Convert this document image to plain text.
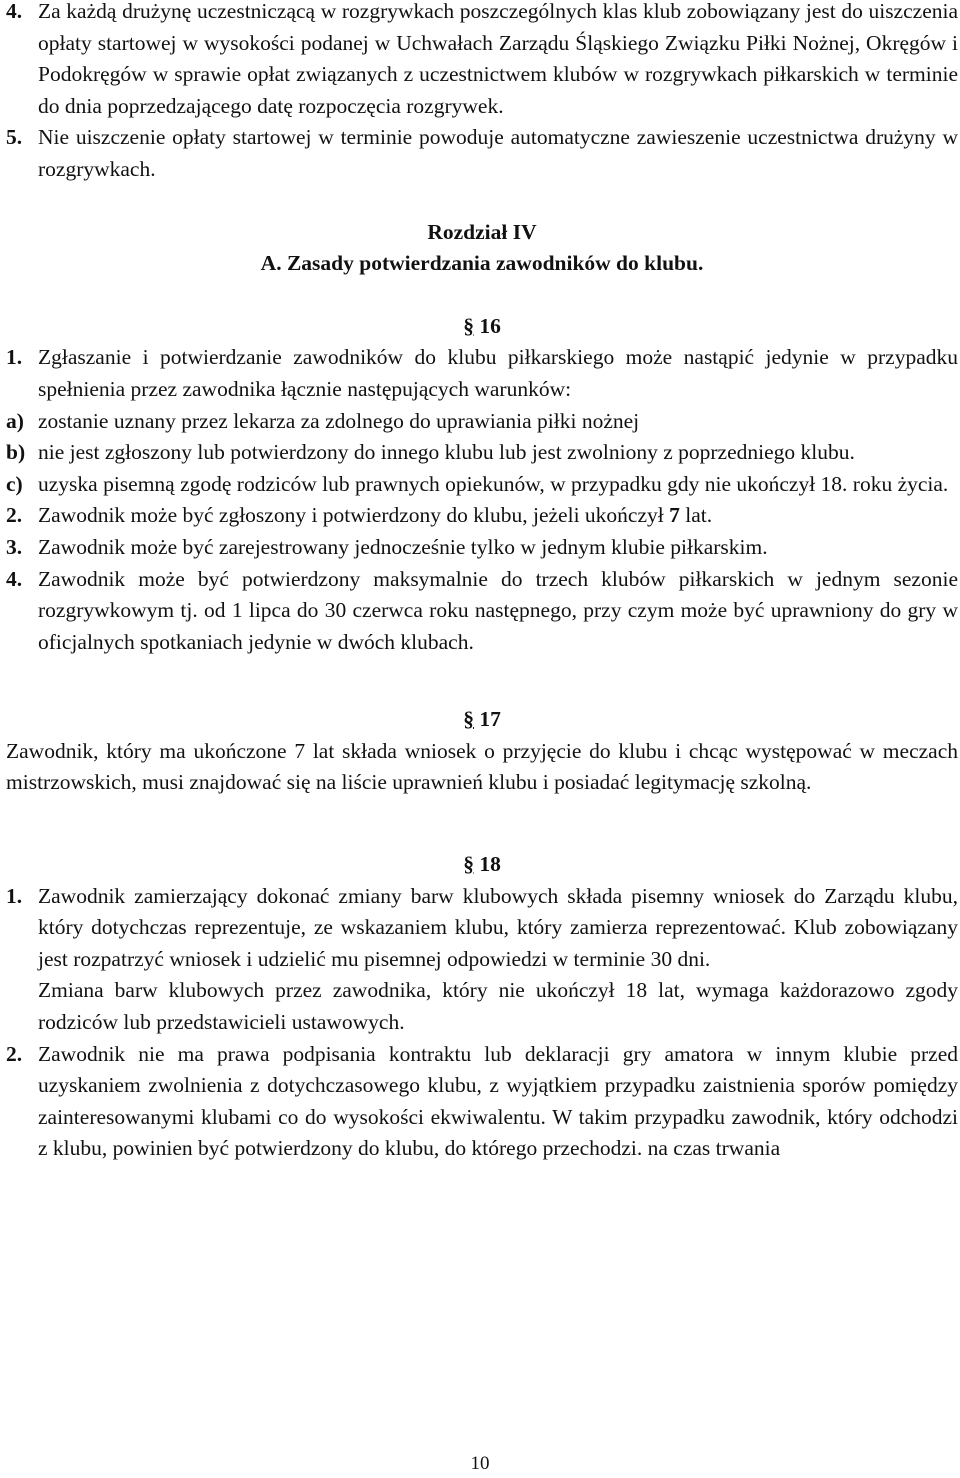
4. Za każdą drużynę uczestniczącą w rozgrywkach poszczególnych klas klub zobowiązany jest do uiszczenia opłaty startowej w wysokości podanej w Uchwałach Zarządu Śląskiego Związku Piłki Nożnej, Okręgów i Podokręgów w sprawie opłat związanych z uczestnictwem klubów w rozgrywkach piłkarskich w terminie do dnia poprzedzającego datę rozpoczęcia rozgrywek.

5. Nie uiszczenie opłaty startowej w terminie powoduje automatyczne zawieszenie uczestnictwa drużyny w rozgrywkach.

Rozdział IV

A. Zasady potwierdzania zawodników do klubu.

§ 16

1. Zgłaszanie i potwierdzanie zawodników do klubu piłkarskiego może nastąpić jedynie w przypadku spełnienia przez zawodnika łącznie następujących warunków:

a) zostanie uznany przez lekarza za zdolnego do uprawiania piłki nożnej

b) nie jest zgłoszony lub potwierdzony do innego klubu lub jest zwolniony z poprzedniego klubu.

c) uzyska pisemną zgodę rodziców lub prawnych opiekunów, w przypadku gdy nie ukończył 18. roku życia.

2. Zawodnik może być zgłoszony i potwierdzony do klubu, jeżeli ukończył 7 lat.

3. Zawodnik może być zarejestrowany jednocześnie tylko w jednym klubie piłkarskim.

4. Zawodnik może być potwierdzony maksymalnie do trzech klubów piłkarskich w jednym sezonie rozgrywkowym tj. od 1 lipca do 30 czerwca roku następnego, przy czym może być uprawniony do gry w oficjalnych spotkaniach jedynie w dwóch klubach.

§ 17

Zawodnik, który ma ukończone 7 lat składa wniosek o przyjęcie do klubu i chcąc występować w meczach mistrzowskich, musi znajdować się na liście uprawnień klubu i posiadać legitymację szkolną.

§ 18

1. Zawodnik zamierzający dokonać zmiany barw klubowych składa pisemny wniosek do Zarządu klubu, który dotychczas reprezentuje, ze wskazaniem klubu, który zamierza reprezentować. Klub zobowiązany jest rozpatrzyć wniosek i udzielić mu pisemnej odpowiedzi w terminie 30 dni.

Zmiana barw klubowych przez zawodnika, który nie ukończył 18 lat, wymaga każdorazowo zgody rodziców lub przedstawicieli ustawowych.

2. Zawodnik nie ma prawa podpisania kontraktu lub deklaracji gry amatora w innym klubie przed uzyskaniem zwolnienia z dotychczasowego klubu, z wyjątkiem przypadku zaistnienia sporów pomiędzy zainteresowanymi klubami co do wysokości ekwiwalentu. W takim przypadku zawodnik, który odchodzi z klubu, powinien być potwierdzony do klubu, do którego przechodzi. na czas trwania

10
